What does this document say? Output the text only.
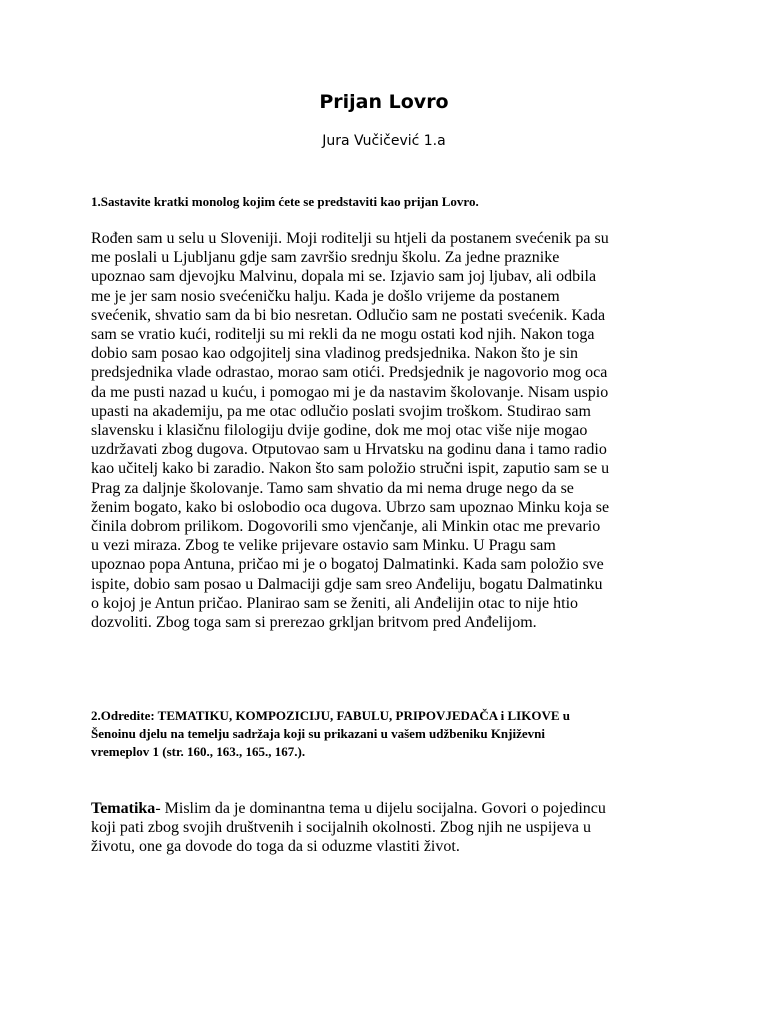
Prijan Lovro
Jura Vučičević 1.a
1.Sastavite kratki monolog kojim ćete se predstaviti kao prijan Lovro.
Rođen sam u selu u Sloveniji. Moji roditelji su htjeli da postanem svećenik pa su
me poslali u Ljubljanu gdje sam završio srednju školu. Za jedne praznike
upoznao sam djevojku Malvinu, dopala mi se. Izjavio sam joj ljubav, ali odbila
me je jer sam nosio svećeničku halju. Kada je došlo vrijeme da postanem
svećenik, shvatio sam da bi bio nesretan. Odlučio sam ne postati svećenik. Kada
sam se vratio kući, roditelji su mi rekli da ne mogu ostati kod njih. Nakon toga
dobio sam posao kao odgojitelj sina vladinog predsjednika. Nakon što je sin
predsjednika vlade odrastao, morao sam otići. Predsjednik je nagovorio mog oca
da me pusti nazad u kuću, i pomogao mi je da nastavim školovanje. Nisam uspio
upasti na akademiju, pa me otac odlučio poslati svojim troškom. Studirao sam
slavensku i klasičnu filologiju dvije godine, dok me moj otac više nije mogao
uzdržavati zbog dugova. Otputovao sam u Hrvatsku na godinu dana i tamo radio
kao učitelj kako bi zaradio. Nakon što sam položio stručni ispit, zaputio sam se u
Prag za daljnje školovanje. Tamo sam shvatio da mi nema druge nego da se
ženim bogato, kako bi oslobodio oca dugova. Ubrzo sam upoznao Minku koja se
činila dobrom prilikom. Dogovorili smo vjenčanje, ali Minkin otac me prevario
u vezi miraza. Zbog te velike prijevare ostavio sam Minku. U Pragu sam
upoznao popa Antuna, pričao mi je o bogatoj Dalmatinki. Kada sam položio sve
ispite, dobio sam posao u Dalmaciji gdje sam sreo Anđeliju, bogatu Dalmatinku
o kojoj je Antun pričao. Planirao sam se ženiti, ali Anđelijin otac to nije htio
dozvoliti. Zbog toga sam si prerezao grkljan britvom pred Anđelijom.
2.Odredite: TEMATIKU, KOMPOZICIJU, FABULU, PRIPOVJEDAČA i LIKOVE u
Šenoinu djelu na temelju sadržaja koji su prikazani u vašem udžbeniku Književni
vremeplov 1 (str. 160., 163., 165., 167.).
Tematika- Mislim da je dominantna tema u dijelu socijalna. Govori o pojedincu
koji pati zbog svojih društvenih i socijalnih okolnosti. Zbog njih ne uspijeva u
životu, one ga dovode do toga da si oduzme vlastiti život.
